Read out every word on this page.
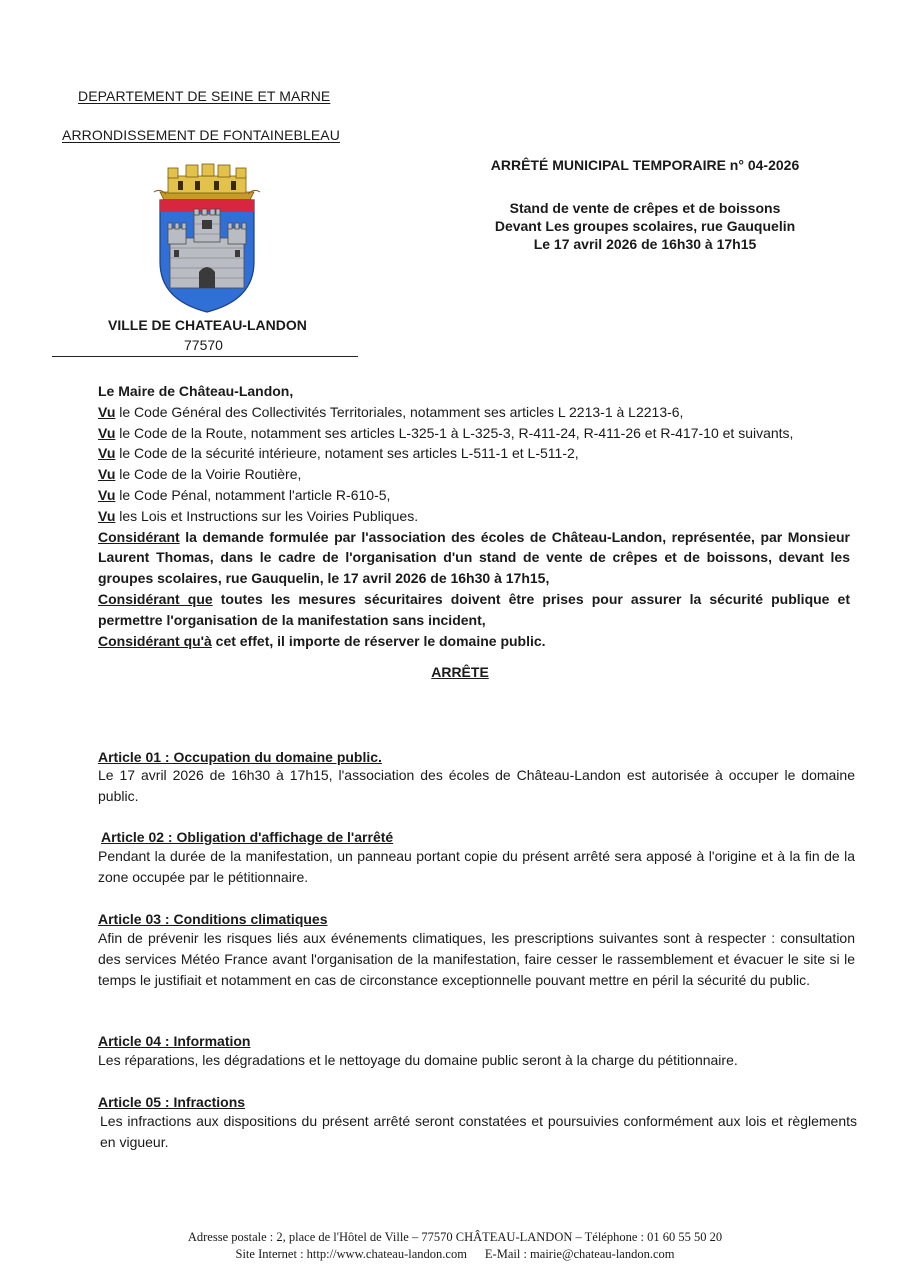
DEPARTEMENT DE SEINE ET MARNE
ARRONDISSEMENT DE FONTAINEBLEAU
VILLE DE CHATEAU-LANDON
77570
ARRÊTÉ MUNICIPAL TEMPORAIRE n° 04-2026
Stand de vente de crêpes et de boissons
Devant Les groupes scolaires, rue Gauquelin
Le 17 avril 2026 de 16h30 à 17h15

Le Maire de Château-Landon,

Vu le Code Général des Collectivités Territoriales, notamment ses articles L 2213-1 à L2213-6,

Vu le Code de la Route, notamment ses articles L-325-1 à L-325-3, R-411-24, R-411-26 et R-417-10 et suivants,

Vu le Code de la sécurité intérieure, notament ses articles L-511-1 et L-511-2,

Vu le Code de la Voirie Routière,

Vu le Code Pénal, notamment l'article R-610-5,

Vu les Lois et Instructions sur les Voiries Publiques.

Considérant la demande formulée par l'association des écoles de Château-Landon, représentée, par Monsieur Laurent Thomas, dans le cadre de l'organisation d'un stand de vente de crêpes et de boissons, devant les groupes scolaires, rue Gauquelin, le 17 avril 2026 de 16h30 à 17h15,

Considérant que toutes les mesures sécuritaires doivent être prises pour assurer la sécurité publique et permettre l'organisation de la manifestation sans incident,

Considérant qu'à cet effet, il importe de réserver le domaine public.

ARRÊTE
Article 01 : Occupation du domaine public.
Le 17 avril 2026 de 16h30 à 17h15, l'association des écoles de Château-Landon est autorisée à occuper le domaine public.
Article 02 : Obligation d'affichage de l'arrêté
Pendant la durée de la manifestation, un panneau portant copie du présent arrêté sera apposé à l'origine et à la fin de la zone occupée par le pétitionnaire.
Article 03 : Conditions climatiques
Afin de prévenir les risques liés aux événements climatiques, les prescriptions suivantes sont à respecter : consultation des services Météo France avant l'organisation de la manifestation, faire cesser le rassemblement et évacuer le site si le temps le justifiait et notamment en cas de circonstance exceptionnelle pouvant mettre en péril la sécurité du public.
Article 04 : Information
Les réparations, les dégradations et le nettoyage du domaine public seront à la charge du pétitionnaire.
Article 05 : Infractions
Les infractions aux dispositions du présent arrêté seront constatées et poursuivies conformément aux lois et règlements en vigueur.
Adresse postale : 2, place de l'Hôtel de Ville – 77570 CHÂTEAU-LANDON – Téléphone : 01 60 55 50 20
Site Internet : http://www.chateau-landon.com E-Mail : mairie@chateau-landon.com
